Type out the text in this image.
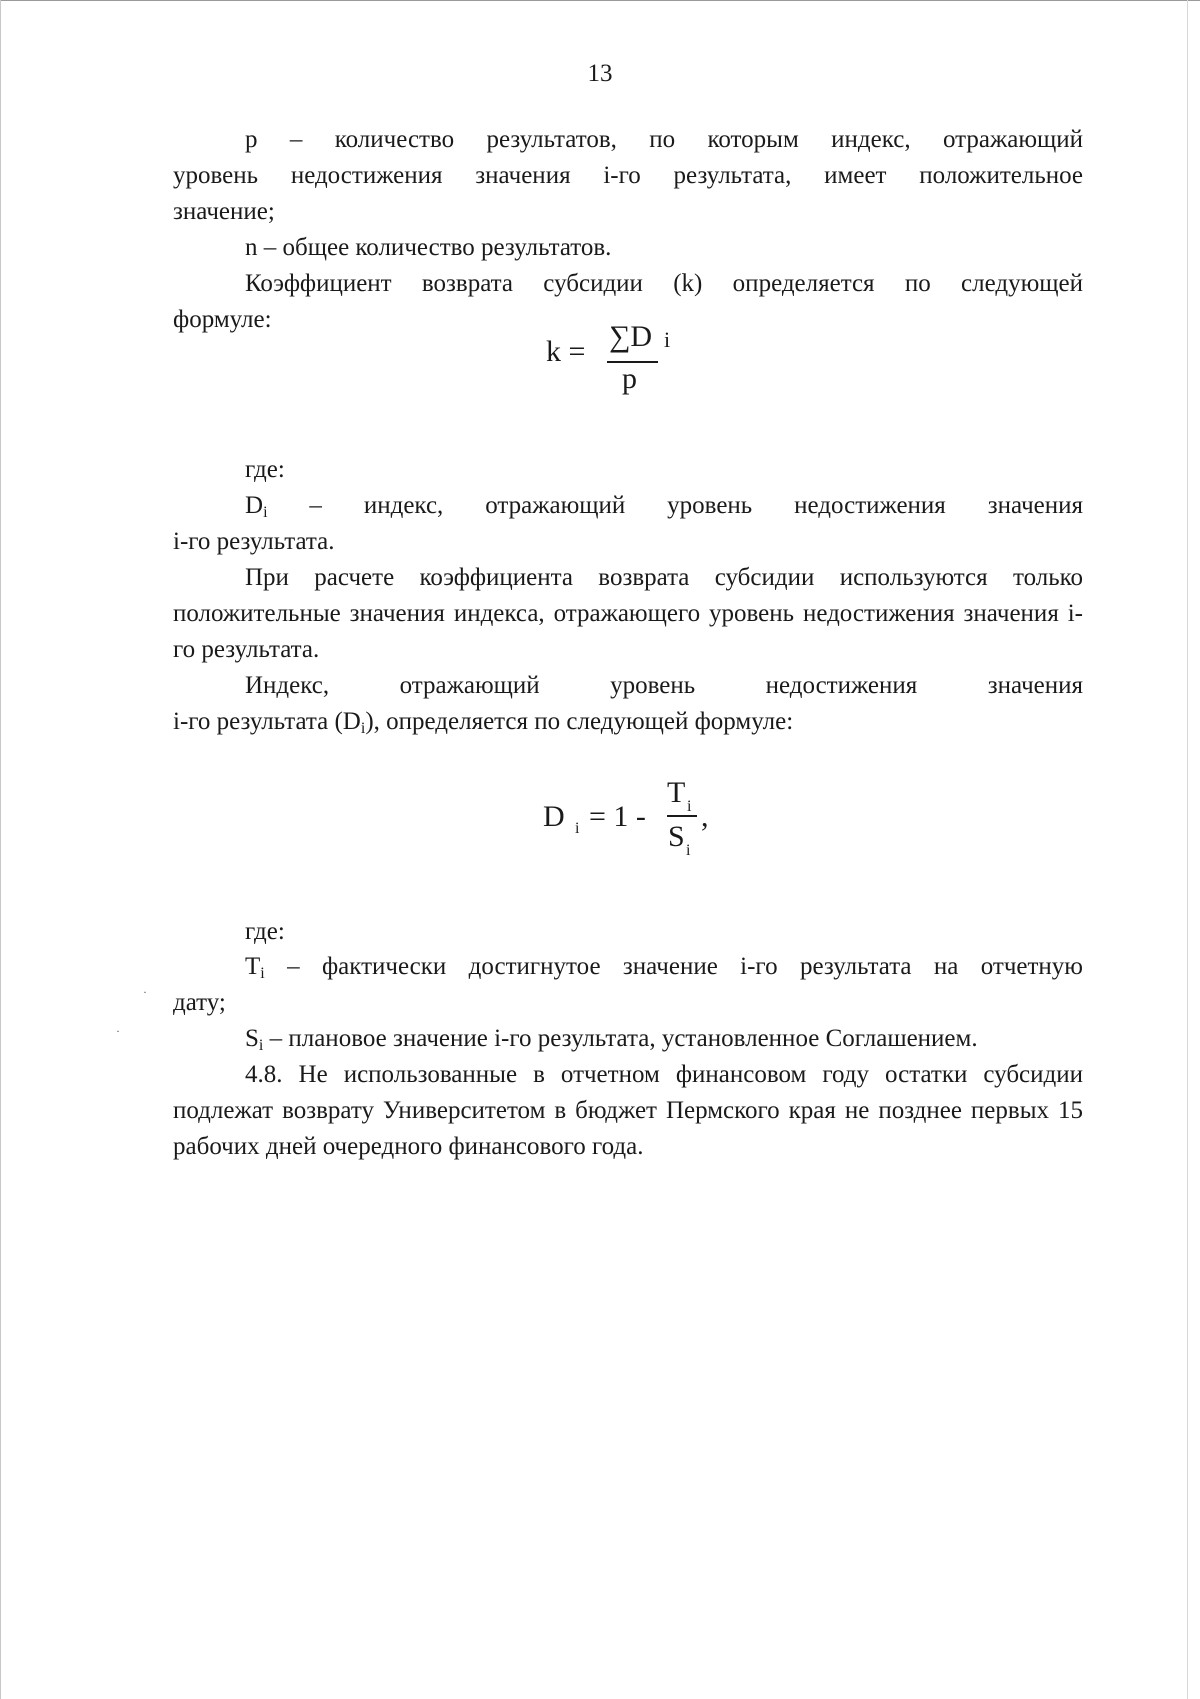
13
p – количество результатов, по которым индекс, отражающий
уровень недостижения значения i-го результата, имеет положительное
значение;
n – общее количество результатов.
Коэффициент возврата субсидии (k) определяется по следующей
формуле:
k = ∑D i
p
где:
$D_i$ – индекс, отражающий уровень недостижения значения
i-го результата.
При расчете коэффициента возврата субсидии используются только положительные значения индекса, отражающего уровень недостижения значения i-го результата.
Индекс, отражающий уровень недостижения значения
i-го результата $(D_i)$, определяется по следующей формуле:
D i = 1 -
T i
S i
,
где:
$T_i$ – фактически достигнутое значение i-го результата на отчетную
дату;
$S_i$ – плановое значение i-го результата, установленное Соглашением.
4.8. Не использованные в отчетном финансовом году остатки субсидии подлежат возврату Университетом в бюджет Пермского края не позднее первых 15 рабочих дней очередного финансового года.
·
·
